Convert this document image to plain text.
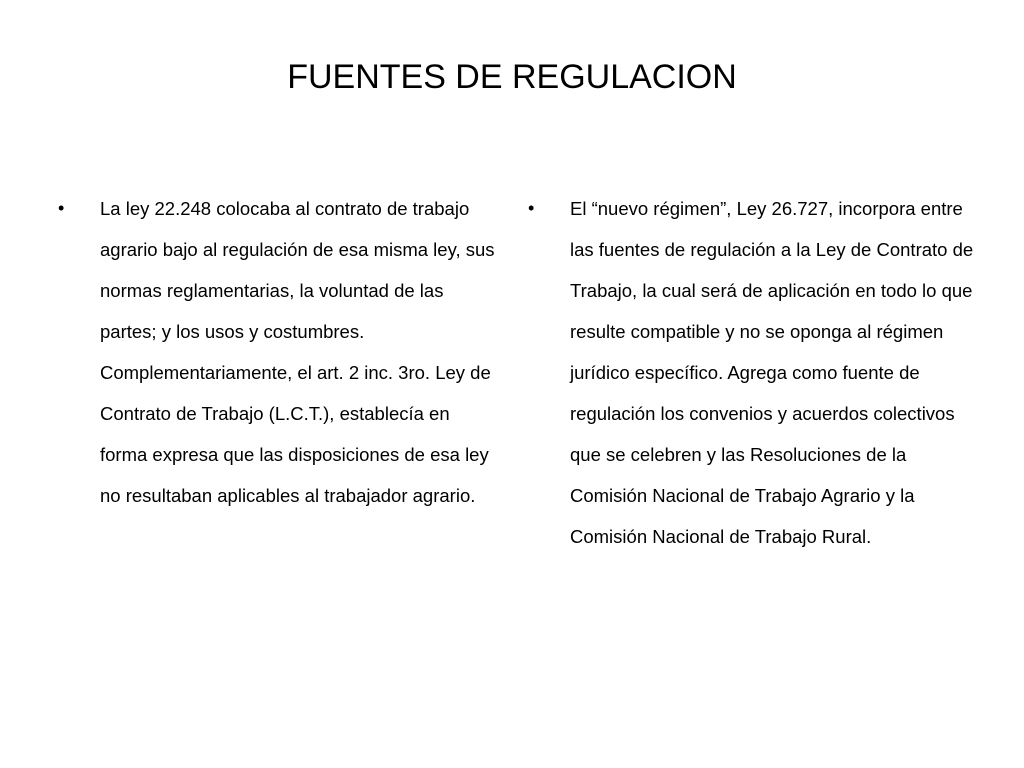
FUENTES DE REGULACION
•	La ley 22.248 colocaba al contrato de trabajo agrario bajo al regulación de esa misma ley, sus normas reglamentarias, la voluntad de las partes; y los usos y costumbres. Complementariamente, el art. 2 inc. 3ro. Ley de Contrato de Trabajo (L.C.T.), establecía en forma expresa que las disposiciones de esa ley no resultaban aplicables al trabajador agrario.

•	El “nuevo régimen”, Ley 26.727, incorpora entre las fuentes de regulación a la Ley de Contrato de Trabajo, la cual será de aplicación en todo lo que resulte compatible y no se oponga al régimen jurídico específico. Agrega como fuente de regulación los convenios y acuerdos colectivos que se celebren y las Resoluciones de la Comisión Nacional de Trabajo Agrario y la Comisión Nacional de Trabajo Rural.
